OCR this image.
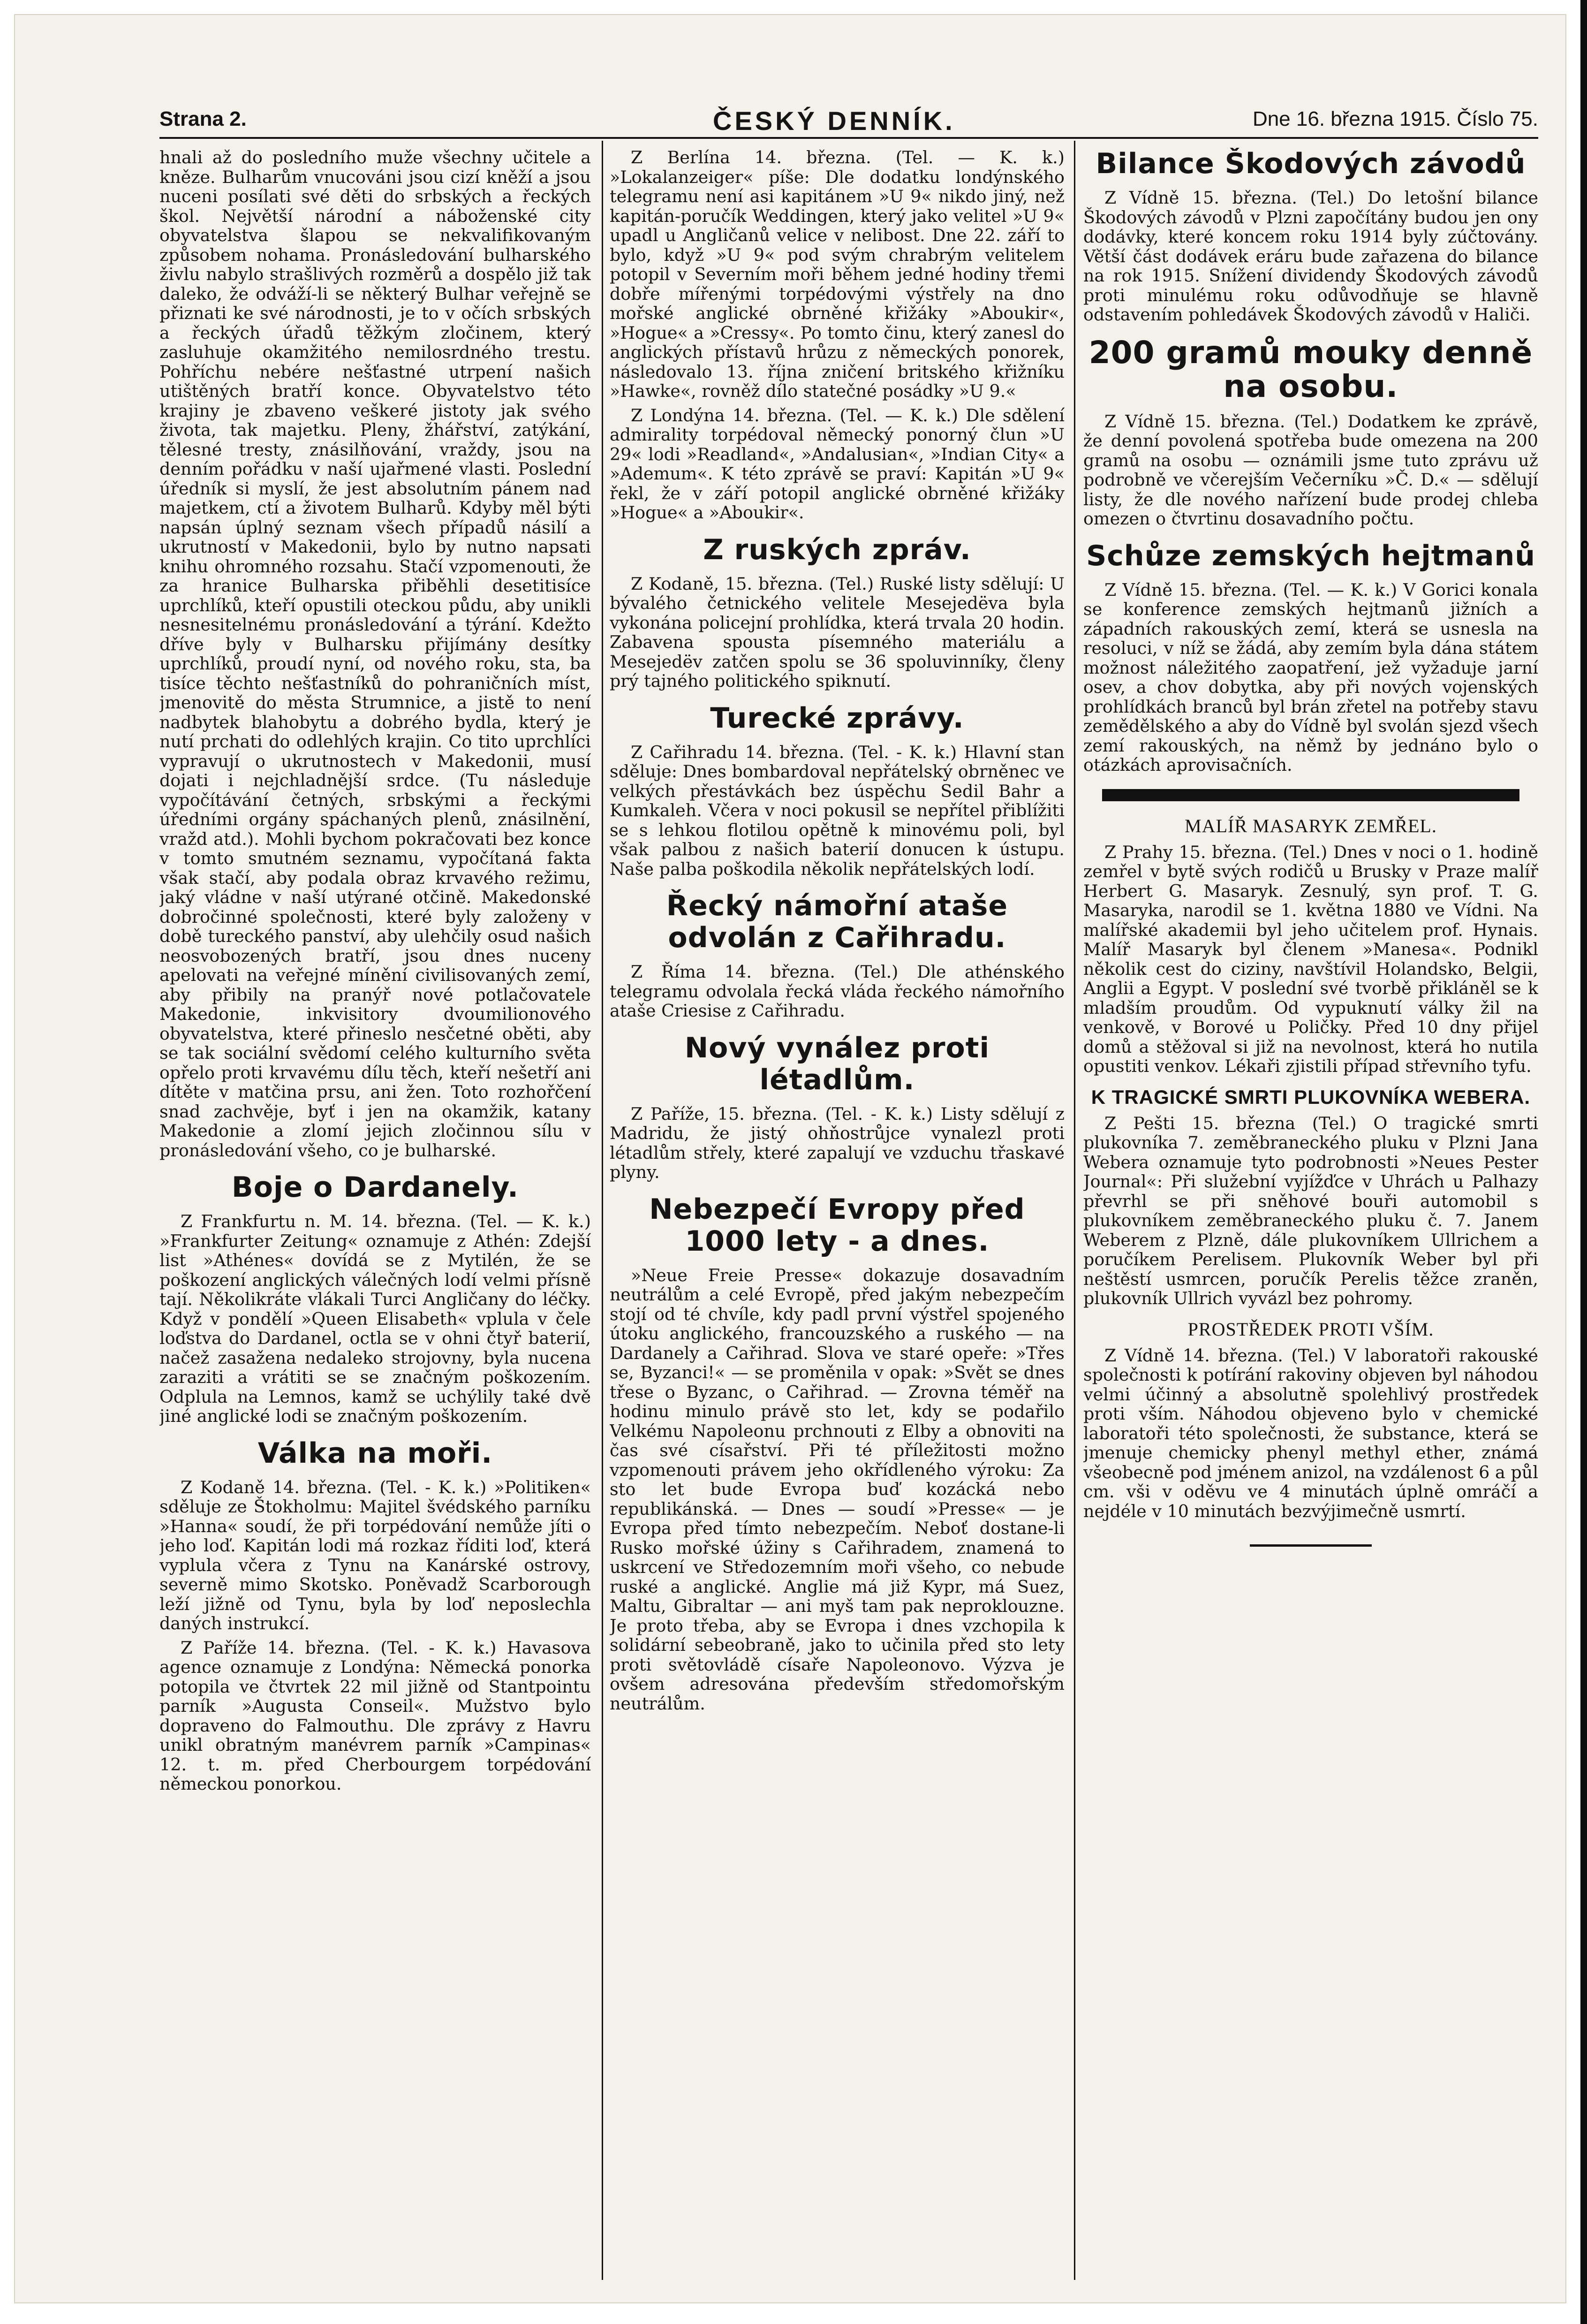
Strana 2.	ČESKÝ DENNÍK.	Dne 16. března 1915. Číslo 75.

hnali až do posledního muže všechny učitele a kněze. Bulharům vnucováni jsou cizí kněží a jsou nuceni posílati své děti do srbských a řeckých škol. Největší národní a náboženské city obyvatelstva šlapou se nekvalifikovaným způsobem nohama. Pronásledování bulharského živlu nabylo strašlivých rozměrů a dospělo již tak daleko, že odváží-li se některý Bulhar veřejně se přiznati ke své národnosti, je to v očích srbských a řeckých úřadů těžkým zločinem, který zasluhuje okamžitého nemilosrdného trestu. Pohříchu nebére nešťastné utrpení našich utištěných bratří konce. Obyvatelstvo této krajiny je zbaveno veškeré jistoty jak svého života, tak majetku. Pleny, žhářství, zatýkání, tělesné tresty, znásilňování, vraždy, jsou na denním pořádku v naší ujařmené vlasti. Poslední úředník si myslí, že jest absolutním pánem nad majetkem, ctí a životem Bulharů. Kdyby měl býti napsán úplný seznam všech případů násilí a ukrutností v Makedonii, bylo by nutno napsati knihu ohromného rozsahu. Stačí vzpomenouti, že za hranice Bulharska přiběhli desetitisíce uprchlíků, kteří opustili oteckou půdu, aby unikli nesnesitelnému pronásledování a týrání. Kdežto dříve byly v Bulharsku přijímány desítky uprchlíků, proudí nyní, od nového roku, sta, ba tisíce těchto nešťastníků do pohraničních míst, jmenovitě do města Strumnice, a jistě to není nadbytek blahobytu a dobrého bydla, který je nutí prchati do odlehlých krajin. Co tito uprchlíci vypravují o ukrutnostech v Makedonii, musí dojati i nejchladnější srdce. (Tu následuje vypočítávání četných, srbskými a řeckými úředními orgány spáchaných plenů, znásilnění, vražd atd.). Mohli bychom pokračovati bez konce v tomto smutném seznamu, vypočítaná fakta však stačí, aby podala obraz krvavého režimu, jaký vládne v naší utýrané otčině. Makedonské dobročinné společnosti, které byly založeny v době tureckého panství, aby ulehčily osud našich neosvobozených bratří, jsou dnes nuceny apelovati na veřejné mínění civilisovaných zemí, aby přibily na pranýř nové potlačovatele Makedonie, inkvisitory dvoumilionového obyvatelstva, které přineslo nesčetné oběti, aby se tak sociální svědomí celého kulturního světa opřelo proti krvavému dílu těch, kteří nešetří ani dítěte v matčina prsu, ani žen. Toto rozhořčení snad zachvěje, byť i jen na okamžik, katany Makedonie a zlomí jejich zločinnou sílu v pronásledování všeho, co je bulharské.

Boje o Dardanely.

Z Frankfurtu n. M. 14. března. (Tel. — K. k.) »Frankfurter Zeitung« oznamuje z Athén: Zdejší list »Athénes« dovídá se z Mytilén, že se poškození anglických válečných lodí velmi přísně tají. Několikráte vlákali Turci Angličany do léčky. Když v pondělí »Queen Elisabeth« vplula v čele loďstva do Dardanel, octla se v ohni čtyř baterií, načež zasažena nedaleko strojovny, byla nucena zaraziti a vrátiti se se značným poškozením. Odplula na Lemnos, kamž se uchýlily také dvě jiné anglické lodi se značným poškozením.

Válka na moři.

Z Kodaně 14. března. (Tel. - K. k.) »Politiken« sděluje ze Štokholmu: Majitel švédského parníku »Hanna« soudí, že při torpédování nemůže jíti o jeho loď. Kapitán lodi má rozkaz říditi loď, která vyplula včera z Tynu na Kanárské ostrovy, severně mimo Skotsko. Poněvadž Scarborough leží jižně od Tynu, byla by loď neposlechla daných instrukcí.

Z Paříže 14. března. (Tel. - K. k.) Havasova agence oznamuje z Londýna: Německá ponorka potopila ve čtvrtek 22 mil jižně od Stantpointu parník »Augusta Conseil«. Mužstvo bylo dopraveno do Falmouthu. Dle zprávy z Havru unikl obratným manévrem parník »Campinas« 12. t. m. před Cherbourgem torpédování německou ponorkou.

Z Berlína 14. března. (Tel. — K. k.) »Lokalanzeiger« píše: Dle dodatku londýnského telegramu není asi kapitánem »U 9« nikdo jiný, než kapitán-poručík Weddingen, který jako velitel »U 9« upadl u Angličanů velice v nelibost. Dne 22. září to bylo, když »U 9« pod svým chrabrým velitelem potopil v Severním moři během jedné hodiny třemi dobře mířenými torpédovými výstřely na dno mořské anglické obrněné křižáky »Aboukir«, »Hogue« a »Cressy«. Po tomto činu, který zanesl do anglických přístavů hrůzu z německých ponorek, následovalo 13. října zničení britského křižníku »Hawke«, rovněž dílo statečné posádky »U 9.«

Z Londýna 14. března. (Tel. — K. k.) Dle sdělení admirality torpédoval německý ponorný člun »U 29« lodi »Readland«, »Andalusian«, »Indian City« a »Ademum«. K této zprávě se praví: Kapitán »U 9« řekl, že v září potopil anglické obrněné křižáky »Hogue« a »Aboukir«.

Z ruských zpráv.

Z Kodaně, 15. března. (Tel.) Ruské listy sdělují: U bývalého četnického velitele Mesejedëva byla vykonána policejní prohlídka, která trvala 20 hodin. Zabavena spousta písemného materiálu a Mesejedëv zatčen spolu se 36 spoluvinníky, členy prý tajného politického spiknutí.

Turecké zprávy.

Z Cařihradu 14. března. (Tel. - K. k.) Hlavní stan sděluje: Dnes bombardoval nepřátelský obrněnec ve velkých přestávkách bez úspěchu Sedil Bahr a Kumkaleh. Včera v noci pokusil se nepřítel přiblížiti se s lehkou flotilou opětně k minovému poli, byl však palbou z našich baterií donucen k ústupu. Naše palba poškodila několik nepřátelských lodí.

Řecký námořní ataše odvolán z Cařihradu.

Z Říma 14. března. (Tel.) Dle athénského telegramu odvolala řecká vláda řeckého námořního ataše Criesise z Cařihradu.

Nový vynález proti létadlům.

Z Paříže, 15. března. (Tel. - K. k.) Listy sdělují z Madridu, že jistý ohňostrůjce vynalezl proti létadlům střely, které zapalují ve vzduchu třaskavé plyny.

Nebezpečí Evropy před 1000 lety - a dnes.

»Neue Freie Presse« dokazuje dosavadním neutrálům a celé Evropě, před jakým nebezpečím stojí od té chvíle, kdy padl první výstřel spojeného útoku anglického, francouzského a ruského — na Dardanely a Cařihrad. Slova ve staré opeře: »Třes se, Byzanci!« — se proměnila v opak: »Svět se dnes třese o Byzanc, o Cařihrad. — Zrovna téměř na hodinu minulo právě sto let, kdy se podařilo Velkému Napoleonu prchnouti z Elby a obnoviti na čas své císařství. Při té příležitosti možno vzpomenouti právem jeho okřídleného výroku: Za sto let bude Evropa buď kozácká nebo republikánská. — Dnes — soudí »Presse« — je Evropa před tímto nebezpečím. Neboť dostane-li Rusko mořské úžiny s Cařihradem, znamená to uskrcení ve Středozemním moři všeho, co nebude ruské a anglické. Anglie má již Kypr, má Suez, Maltu, Gibraltar — ani myš tam pak neproklouzne. Je proto třeba, aby se Evropa i dnes vzchopila k solidární sebeobraně, jako to učinila před sto lety proti světovládě císaře Napoleonovo. Výzva je ovšem adresována především středomořským neutrálům.

Bilance Škodových závodů

Z Vídně 15. března. (Tel.) Do letošní bilance Škodových závodů v Plzni započítány budou jen ony dodávky, které koncem roku 1914 byly zúčtovány. Větší část dodávek eráru bude zařazena do bilance na rok 1915. Snížení dividendy Škodových závodů proti minulému roku odůvodňuje se hlavně odstavením pohledávek Škodových závodů v Haliči.

200 gramů mouky denně na osobu.

Z Vídně 15. března. (Tel.) Dodatkem ke zprávě, že denní povolená spotřeba bude omezena na 200 gramů na osobu — oznámili jsme tuto zprávu už podrobně ve včerejším Večerníku »Č. D.« — sdělují listy, že dle nového nařízení bude prodej chleba omezen o čtvrtinu dosavadního počtu.

Schůze zemských hejtmanů

Z Vídně 15. března. (Tel. — K. k.) V Gorici konala se konference zemských hejtmanů jižních a západních rakouských zemí, která se usnesla na resoluci, v níž se žádá, aby zemím byla dána státem možnost náležitého zaopatření, jež vyžaduje jarní osev, a chov dobytka, aby při nových vojenských prohlídkách branců byl brán zřetel na potřeby stavu zemědělského a aby do Vídně byl svolán sjezd všech zemí rakouských, na němž by jednáno bylo o otázkách aprovisačních.

MALÍŘ MASARYK ZEMŘEL.

Z Prahy 15. března. (Tel.) Dnes v noci o 1. hodině zemřel v bytě svých rodičů u Brusky v Praze malíř Herbert G. Masaryk. Zesnulý, syn prof. T. G. Masaryka, narodil se 1. května 1880 ve Vídni. Na malířské akademii byl jeho učitelem prof. Hynais. Malíř Masaryk byl členem »Manesa«. Podnikl několik cest do ciziny, navštívil Holandsko, Belgii, Anglii a Egypt. V poslední své tvorbě přikláněl se k mladším proudům. Od vypuknutí války žil na venkově, v Borové u Poličky. Před 10 dny přijel domů a stěžoval si již na nevolnost, která ho nutila opustiti venkov. Lékaři zjistili případ střevního tyfu.

K TRAGICKÉ SMRTI PLUKOVNÍKA WEBERA.

Z Pešti 15. března (Tel.) O tragické smrti plukovníka 7. zeměbraneckého pluku v Plzni Jana Webera oznamuje tyto podrobnosti »Neues Pester Journal«: Při služební vyjížďce v Uhrách u Palhazy převrhl se při sněhové bouři automobil s plukovníkem zeměbraneckého pluku č. 7. Janem Weberem z Plzně, dále plukovníkem Ullrichem a poručíkem Perelisem. Plukovník Weber byl při neštěstí usmrcen, poručík Perelis těžce zraněn, plukovník Ullrich vyvázl bez pohromy.

PROSTŘEDEK PROTI VŠÍM.

Z Vídně 14. března. (Tel.) V laboratoři rakouské společnosti k potírání rakoviny objeven byl náhodou velmi účinný a absolutně spolehlivý prostředek proti vším. Náhodou objeveno bylo v chemické laboratoři této společnosti, že substance, která se jmenuje chemicky phenyl methyl ether, známá všeobecně pod jménem anizol, na vzdálenost 6 a půl cm. vši v oděvu ve 4 minutách úplně omráčí a nejdéle v 10 minutách bezvýjimečně usmrtí.
